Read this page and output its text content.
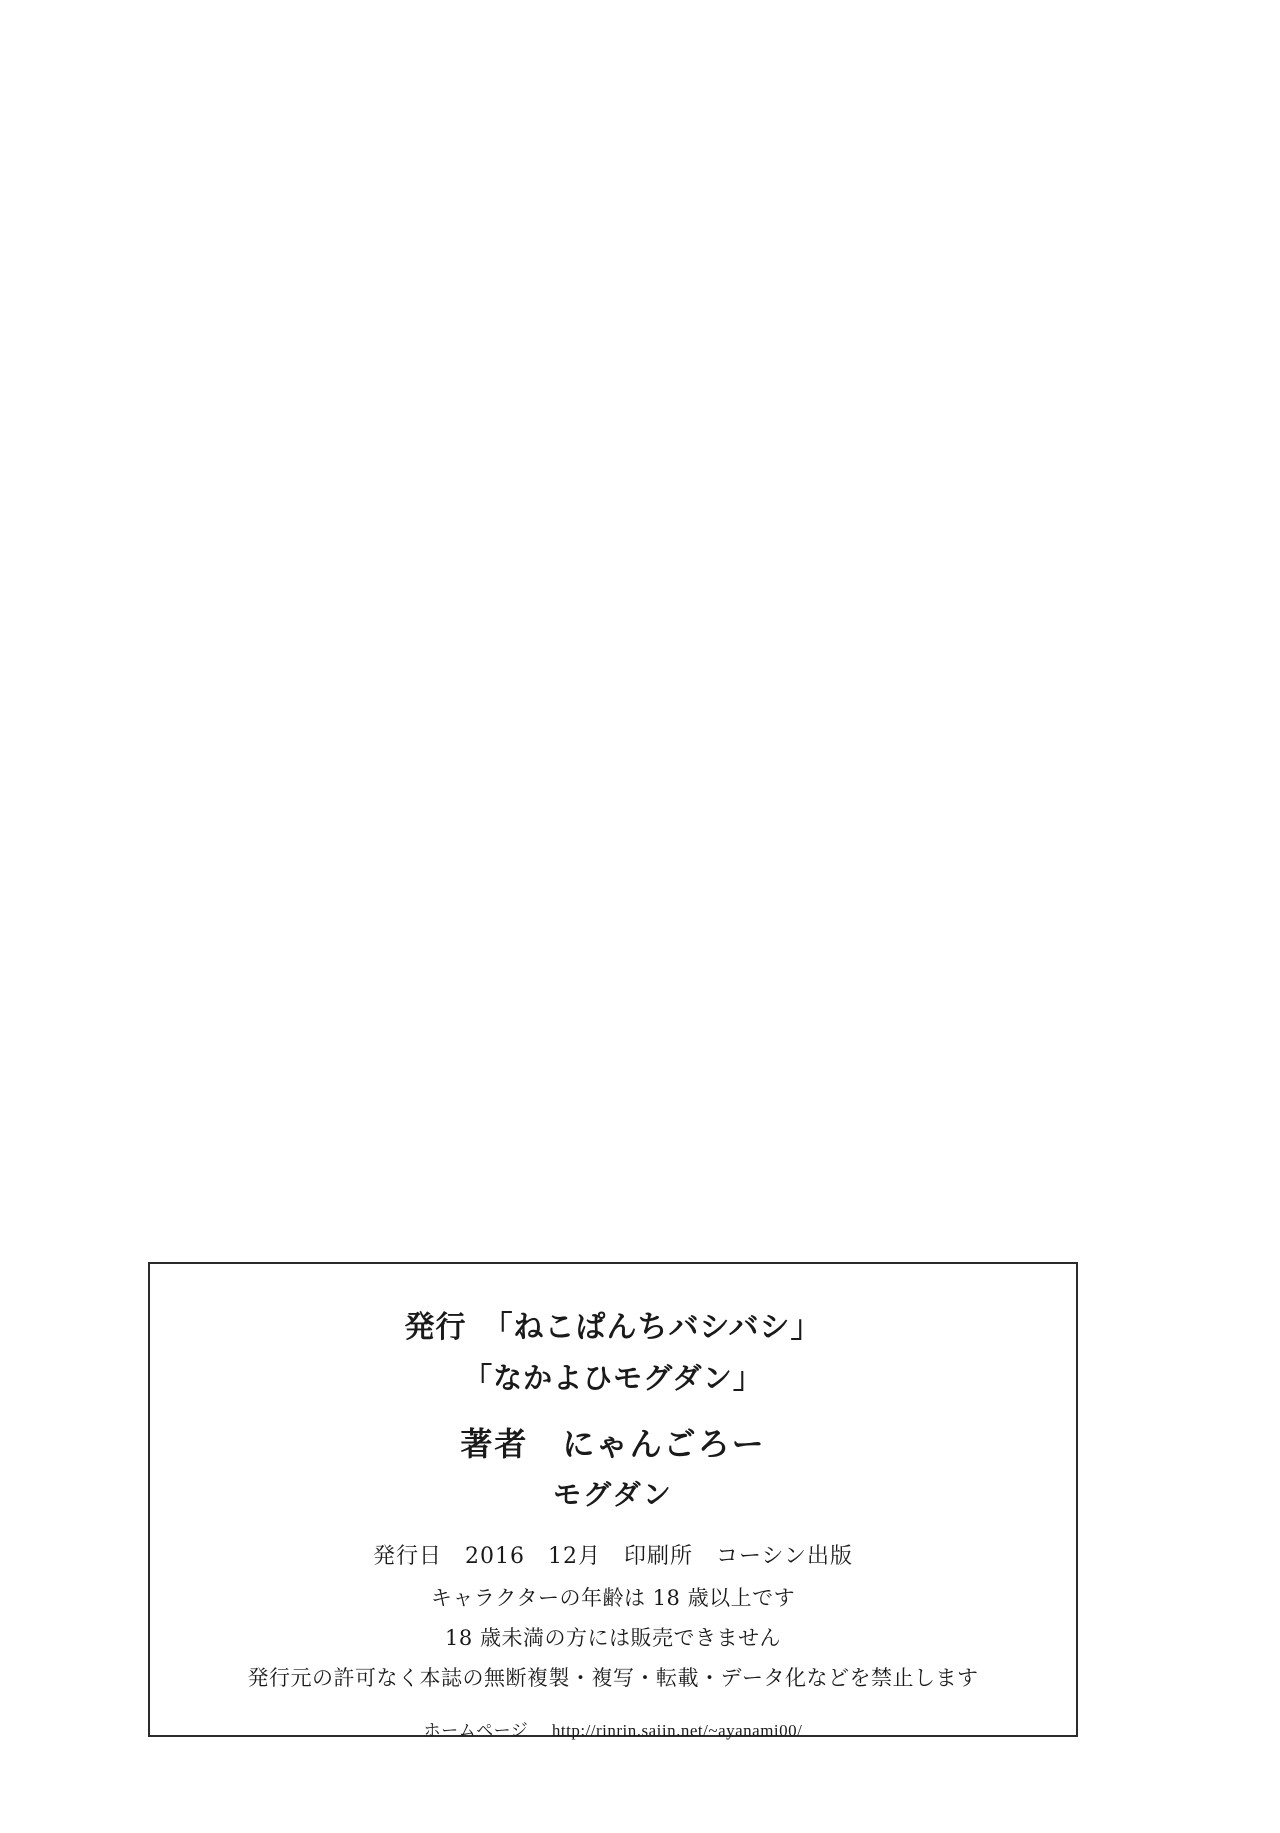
発行　「ねこぱんちバシバシ」
「なかよひモグダン」
著者　にゃんごろー
モグダン
発行日　2016　12月　印刷所　コーシン出版
キャラクターの年齢は 18 歳以上です
18 歳未満の方には販売できません
発行元の許可なく本誌の無断複製・複写・転載・データ化などを禁止します
ホームページ http://rinrin.saiin.net/~ayanami00/
